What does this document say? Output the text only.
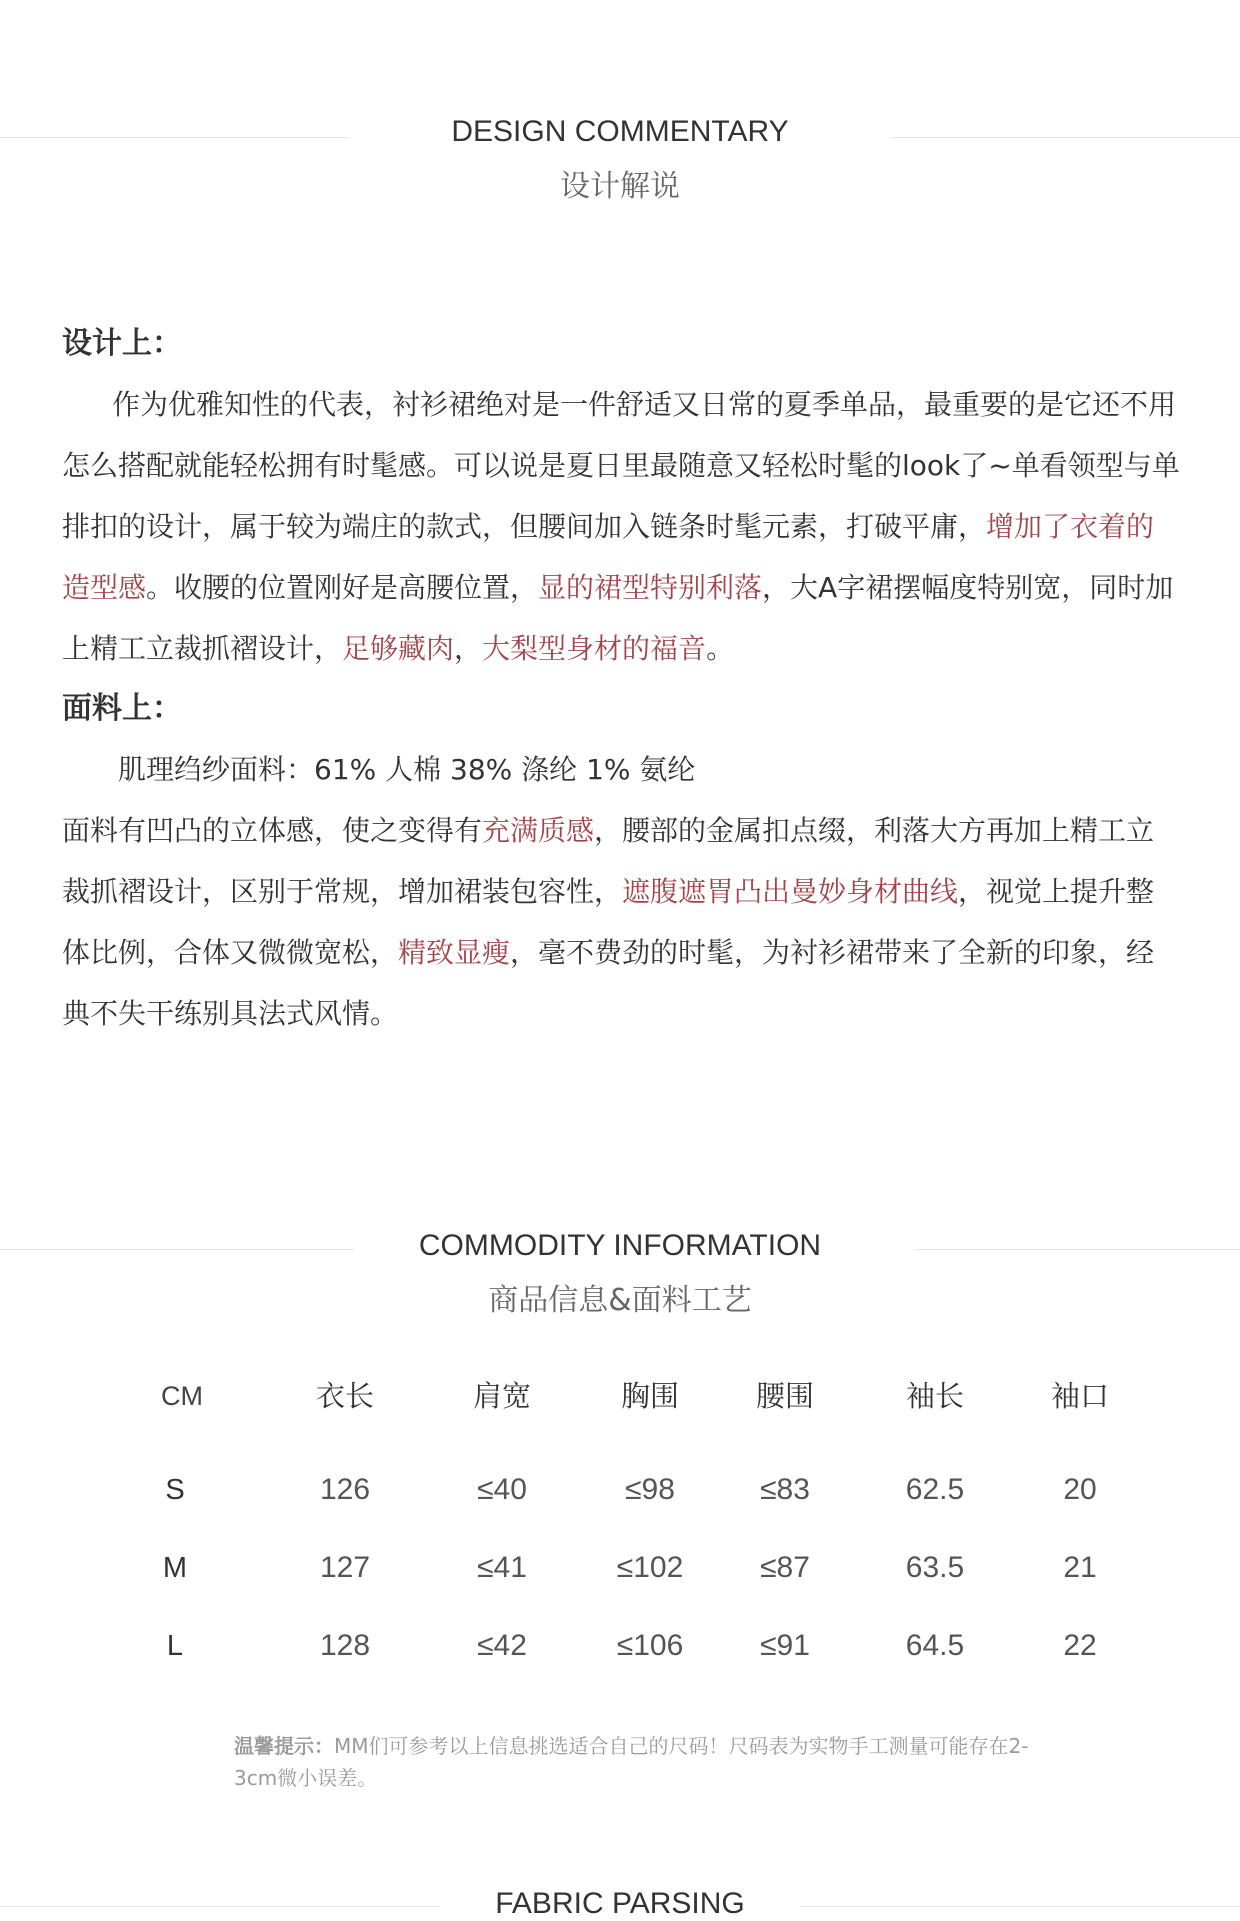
DESIGN COMMENTARY
设计解说
设计上：

作为优雅知性的代表，衬衫裙绝对是一件舒适又日常的夏季单品，最重要的是它还不用怎么搭配就能轻松拥有时髦感。可以说是夏日里最随意又轻松时髦的look了~单看领型与单排扣的设计，属于较为端庄的款式，但腰间加入链条时髦元素，打破平庸，增加了衣着的造型感。收腰的位置刚好是高腰位置，显的裙型特别利落，大A字裙摆幅度特别宽，同时加上精工立裁抓褶设计，足够藏肉，大梨型身材的福音。

面料上：

肌理绉纱面料：61% 人棉 38% 涤纶 1% 氨纶

面料有凹凸的立体感，使之变得有充满质感，腰部的金属扣点缀，利落大方再加上精工立裁抓褶设计，区别于常规，增加裙装包容性，遮腹遮胃凸出曼妙身材曲线，视觉上提升整体比例，合体又微微宽松，精致显瘦，毫不费劲的时髦，为衬衫裙带来了全新的印象，经典不失干练别具法式风情。

COMMODITY INFORMATION
商品信息&面料工艺
CM	衣长	肩宽	胸围	腰围	袖长	袖口
S	126	≤40	≤98	≤83	62.5	20
M	127	≤41	≤102	≤87	63.5	21
L	128	≤42	≤106	≤91	64.5	22
温馨提示：MM们可参考以上信息挑选适合自己的尺码！尺码表为实物手工测量可能存在2-3cm微小误差。
FABRIC PARSING
